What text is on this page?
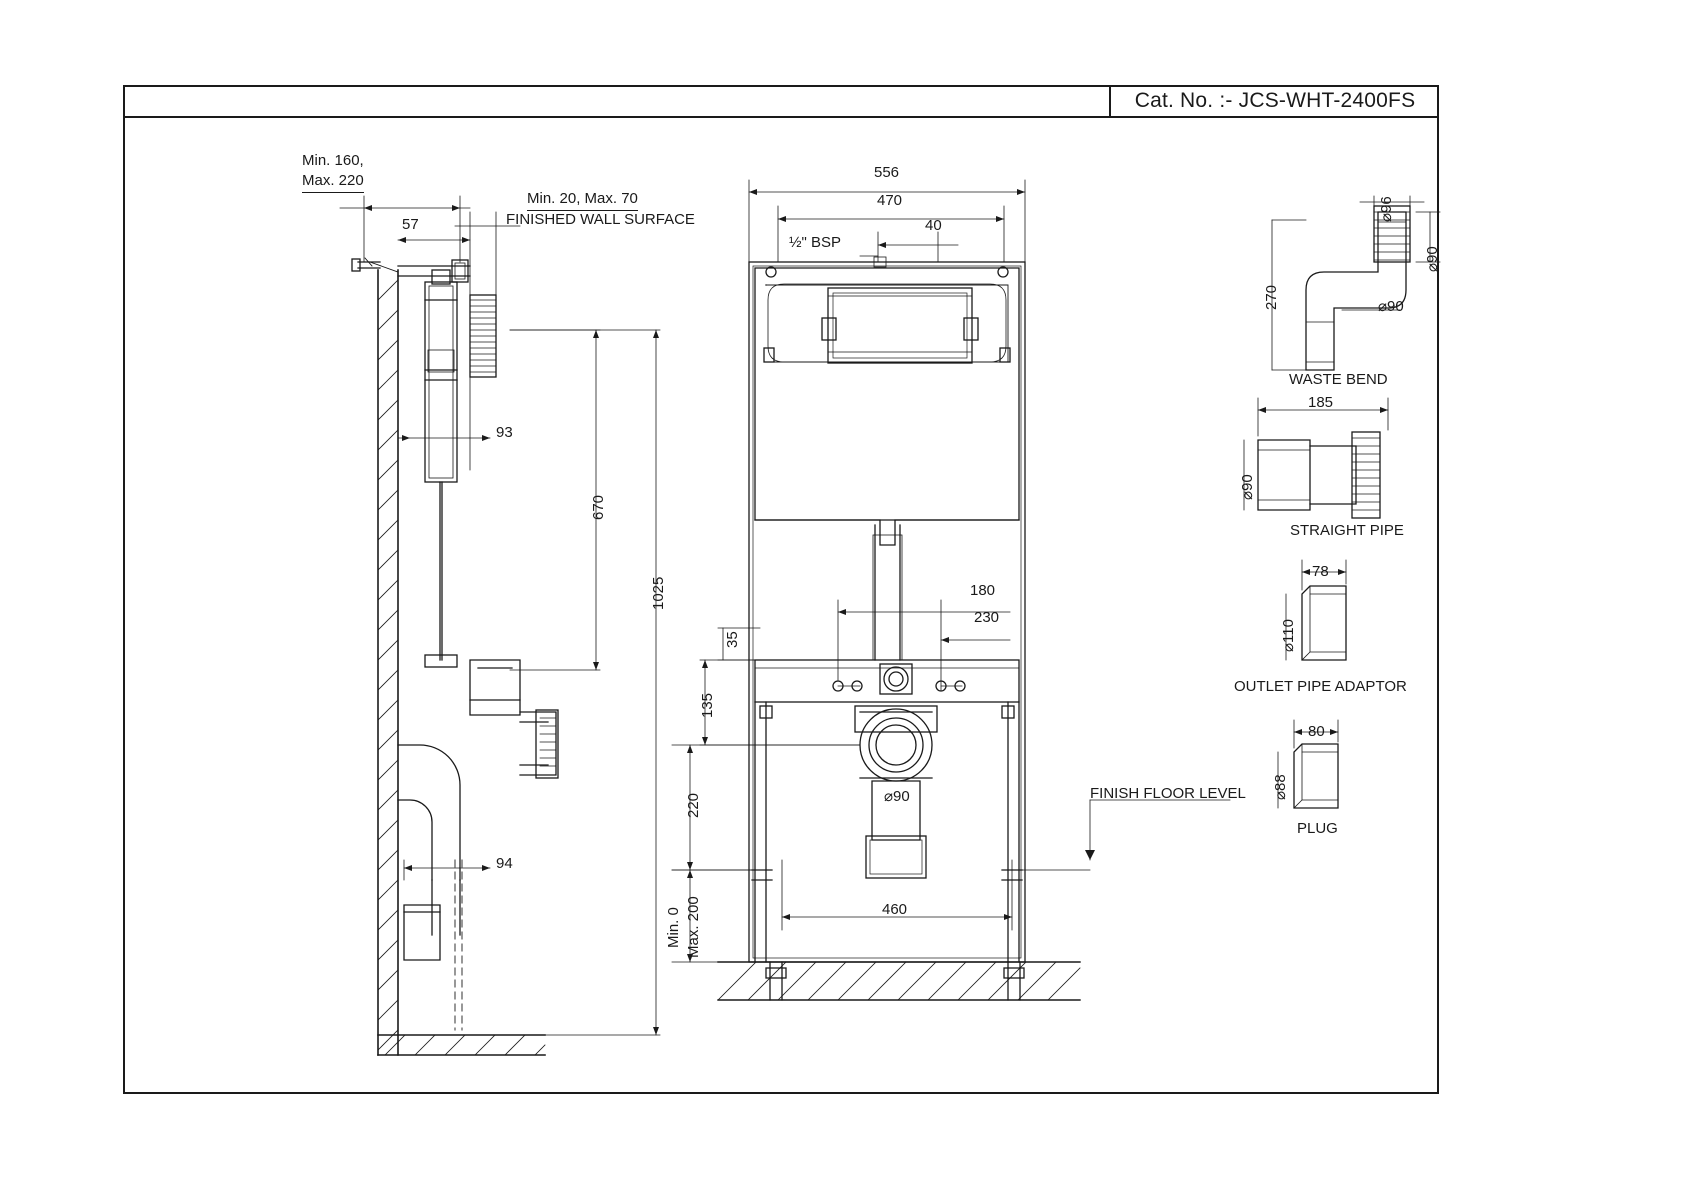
Cat. No. :- JCS-WHT-2400FS
Min. 160,
Max. 220
57
Min. 20, Max. 70
FINISHED WALL SURFACE
93
670
1025
94
556
470
40
½" BSP
180
230
35
135
220
Min. 0 Max. 200
⌀90
460
FINISH FLOOR LEVEL
⌀96
⌀90
270	⌀90
WASTE BEND
185
⌀90
STRAIGHT PIPE
78
⌀110
OUTLET PIPE ADAPTOR
80
⌀88
PLUG
